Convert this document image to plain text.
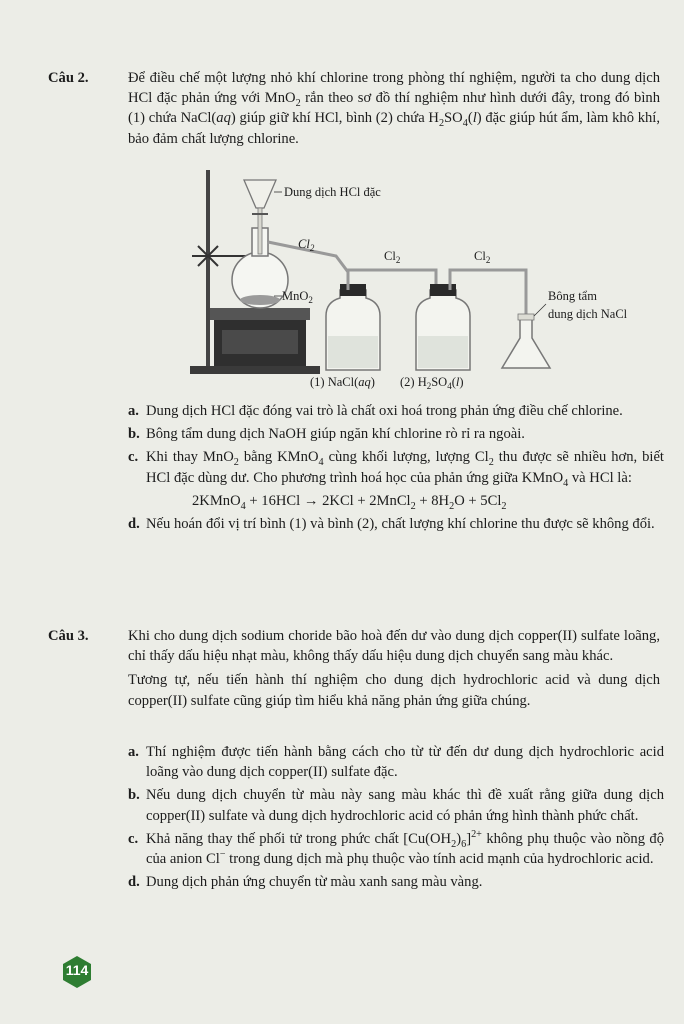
Câu 2.	Để điều chế một lượng nhỏ khí chlorine trong phòng thí nghiệm, người ta cho dung dịch HCl đặc phản ứng với MnO$_2$ rắn theo sơ đồ thí nghiệm như hình dưới đây, trong đó bình (1) chứa NaCl(aq) giúp giữ khí HCl, bình (2) chứa $H_2SO_4(l)$ đặc giúp hút ẩm, làm khô khí, bảo đảm chất lượng chlorine.
Dung dịch HCl đặc
$Cl_2$
MnO$_2$
$Cl_2$	$Cl_2$
Bông tẩm
dung dịch NaCl
(1) NaCl(aq) (2) $H_2SO_4(l)$
a. Dung dịch HCl đặc đóng vai trò là chất oxi hoá trong phản ứng điều chế chlorine.
b. Bông tẩm dung dịch NaOH giúp ngăn khí chlorine rò rỉ ra ngoài.
c. Khi thay MnO$_2$ bằng KMnO$_4$ cùng khối lượng, lượng $Cl_2$ thu được sẽ nhiều hơn, biết HCl đặc dùng dư. Cho phương trình hoá học của phản ứng giữa KMnO$_4$ và HCl là:
2KMnO$_4$ + 16HCl → 2KCl + 2MnCl$_2$ + $8H_2O + 5Cl_2$
d. Nếu hoán đổi vị trí bình (1) và bình (2), chất lượng khí chlorine thu được sẽ không đổi.
Câu 3.	Khi cho dung dịch sodium choride bão hoà đến dư vào dung dịch copper(II) sulfate loãng, chỉ thấy dấu hiệu nhạt màu, không thấy dấu hiệu dung dịch chuyển sang màu khác.
Tương tự, nếu tiến hành thí nghiệm cho dung dịch hydrochloric acid và dung dịch copper(II) sulfate cũng giúp tìm hiểu khả năng phản ứng giữa chúng.
a. Thí nghiệm được tiến hành bằng cách cho từ từ đến dư dung dịch hydrochloric acid loãng vào dung dịch copper(II) sulfate đặc.
b. Nếu dung dịch chuyển từ màu này sang màu khác thì đề xuất rằng giữa dung dịch copper(II) sulfate và dung dịch hydrochloric acid có phản ứng hình thành phức chất.
c. Khả năng thay thế phối tử trong phức chất $[Cu(OH_2)_6]^{2+}$ không phụ thuộc vào nồng độ của anion Cl− trong dung dịch mà phụ thuộc vào tính acid mạnh của hydrochloric acid.
d. Dung dịch phản ứng chuyển từ màu xanh sang màu vàng.
114
